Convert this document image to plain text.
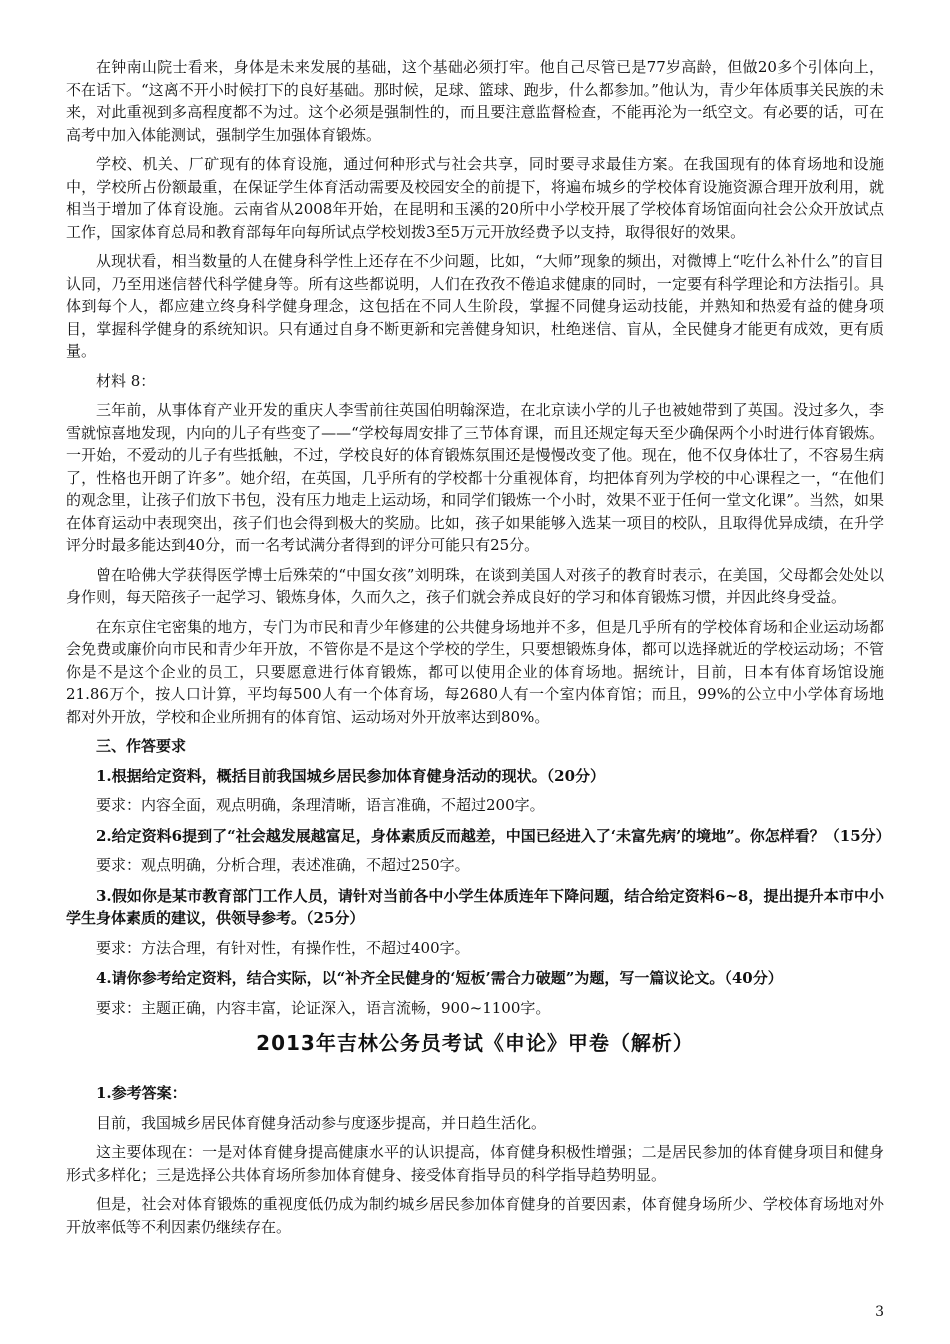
在钟南山院士看来，身体是未来发展的基础，这个基础必须打牢。他自己尽管已是77岁高龄，但做20多个引体向上，不在话下。“这离不开小时候打下的良好基础。那时候，足球、篮球、跑步，什么都参加。”他认为，青少年体质事关民族的未来，对此重视到多高程度都不为过。这个必须是强制性的，而且要注意监督检查，不能再沦为一纸空文。有必要的话，可在高考中加入体能测试，强制学生加强体育锻炼。

学校、机关、厂矿现有的体育设施，通过何种形式与社会共享，同时要寻求最佳方案。在我国现有的体育场地和设施中，学校所占份额最重，在保证学生体育活动需要及校园安全的前提下，将遍布城乡的学校体育设施资源合理开放利用，就相当于增加了体育设施。云南省从2008年开始，在昆明和玉溪的20所中小学校开展了学校体育场馆面向社会公众开放试点工作，国家体育总局和教育部每年向每所试点学校划拨3至5万元开放经费予以支持，取得很好的效果。

从现状看，相当数量的人在健身科学性上还存在不少问题，比如，“大师”现象的频出，对微博上“吃什么补什么”的盲目认同，乃至用迷信替代科学健身等。所有这些都说明，人们在孜孜不倦追求健康的同时，一定要有科学理论和方法指引。具体到每个人，都应建立终身科学健身理念，这包括在不同人生阶段，掌握不同健身运动技能，并熟知和热爱有益的健身项目，掌握科学健身的系统知识。只有通过自身不断更新和完善健身知识，杜绝迷信、盲从，全民健身才能更有成效，更有质量。

材料 8：

三年前，从事体育产业开发的重庆人李雪前往英国伯明翰深造，在北京读小学的儿子也被她带到了英国。没过多久，李雪就惊喜地发现，内向的儿子有些变了——“学校每周安排了三节体育课，而且还规定每天至少确保两个小时进行体育锻炼。一开始，不爱动的儿子有些抵触，不过，学校良好的体育锻炼氛围还是慢慢改变了他。现在，他不仅身体壮了，不容易生病了，性格也开朗了许多”。她介绍，在英国，几乎所有的学校都十分重视体育，均把体育列为学校的中心课程之一，“在他们的观念里，让孩子们放下书包，没有压力地走上运动场，和同学们锻炼一个小时，效果不亚于任何一堂文化课”。当然，如果在体育运动中表现突出，孩子们也会得到极大的奖励。比如，孩子如果能够入选某一项目的校队，且取得优异成绩，在升学评分时最多能达到40分，而一名考试满分者得到的评分可能只有25分。

曾在哈佛大学获得医学博士后殊荣的“中国女孩”刘明珠，在谈到美国人对孩子的教育时表示，在美国，父母都会处处以身作则，每天陪孩子一起学习、锻炼身体，久而久之，孩子们就会养成良好的学习和体育锻炼习惯，并因此终身受益。

在东京住宅密集的地方，专门为市民和青少年修建的公共健身场地并不多，但是几乎所有的学校体育场和企业运动场都会免费或廉价向市民和青少年开放，不管你是不是这个学校的学生，只要想锻炼身体，都可以选择就近的学校运动场；不管你是不是这个企业的员工，只要愿意进行体育锻炼，都可以使用企业的体育场地。据统计，目前，日本有体育场馆设施21.86万个，按人口计算，平均每500人有一个体育场，每2680人有一个室内体育馆；而且，99%的公立中小学体育场地都对外开放，学校和企业所拥有的体育馆、运动场对外开放率达到80%。

三、作答要求

1.根据给定资料，概括目前我国城乡居民参加体育健身活动的现状。（20分）

要求：内容全面，观点明确，条理清晰，语言准确，不超过200字。

2.给定资料6提到了“社会越发展越富足，身体素质反而越差，中国已经进入了‘未富先病’的境地”。你怎样看？（15分）

要求：观点明确，分析合理，表述准确，不超过250字。

3.假如你是某市教育部门工作人员，请针对当前各中小学生体质连年下降问题，结合给定资料6~8，提出提升本市中小学生身体素质的建议，供领导参考。（25分）

要求：方法合理，有针对性，有操作性，不超过400字。

4.请你参考给定资料，结合实际，以“补齐全民健身的‘短板’需合力破题”为题，写一篇议论文。（40分）

要求：主题正确，内容丰富，论证深入，语言流畅，900~1100字。

2013年吉林公务员考试《申论》甲卷（解析）

1.参考答案：

目前，我国城乡居民体育健身活动参与度逐步提高，并日趋生活化。

这主要体现在：一是对体育健身提高健康水平的认识提高，体育健身积极性增强；二是居民参加的体育健身项目和健身形式多样化；三是选择公共体育场所参加体育健身、接受体育指导员的科学指导趋势明显。

但是，社会对体育锻炼的重视度低仍成为制约城乡居民参加体育健身的首要因素，体育健身场所少、学校体育场地对外开放率低等不利因素仍继续存在。

3
